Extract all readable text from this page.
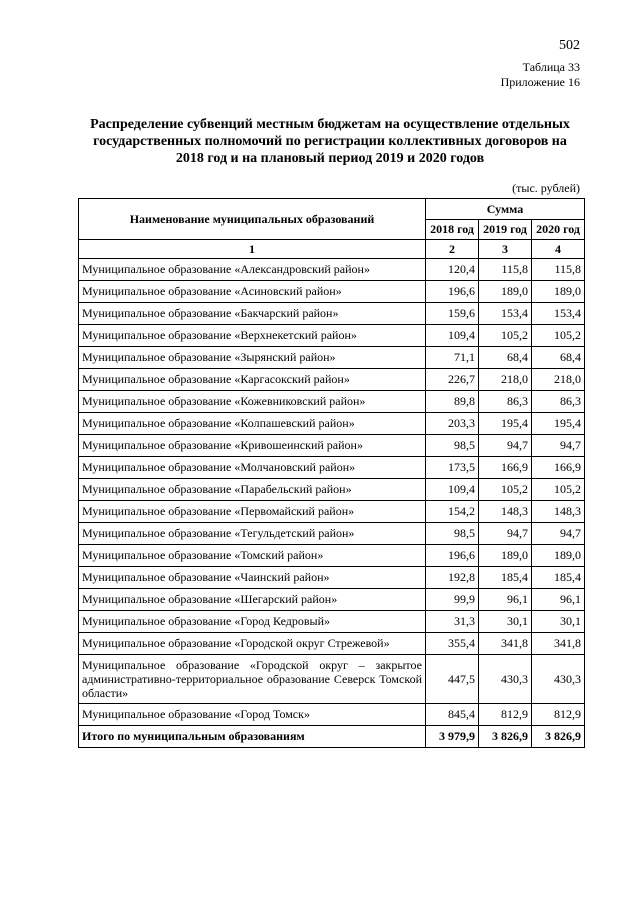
502
Таблица 33
Приложение 16
Распределение субвенций местным бюджетам на осуществление отдельных государственных полномочий по регистрации коллективных договоров на 2018 год и на плановый период 2019 и 2020 годов
(тыс. рублей)
Наименование муниципальных образований	Сумма		
	2018 год	2019 год	2020 год
1	2	3	4
Муниципальное образование «Александровский район»	120,4	115,8	115,8
Муниципальное образование «Асиновский район»	196,6	189,0	189,0
Муниципальное образование «Бакчарский район»	159,6	153,4	153,4
Муниципальное образование «Верхнекетский район»	109,4	105,2	105,2
Муниципальное образование «Зырянский район»	71,1	68,4	68,4
Муниципальное образование «Каргасокский район»	226,7	218,0	218,0
Муниципальное образование «Кожевниковский район»	89,8	86,3	86,3
Муниципальное образование «Колпашевский район»	203,3	195,4	195,4
Муниципальное образование «Кривошеинский район»	98,5	94,7	94,7
Муниципальное образование «Молчановский район»	173,5	166,9	166,9
Муниципальное образование «Парабельский район»	109,4	105,2	105,2
Муниципальное образование «Первомайский район»	154,2	148,3	148,3
Муниципальное образование «Тегульдетский район»	98,5	94,7	94,7
Муниципальное образование «Томский район»	196,6	189,0	189,0
Муниципальное образование «Чаинский район»	192,8	185,4	185,4
Муниципальное образование «Шегарский район»	99,9	96,1	96,1
Муниципальное образование «Город Кедровый»	31,3	30,1	30,1
Муниципальное образование «Городской округ Стрежевой»	355,4	341,8	341,8
Муниципальное образование «Городской округ – закрытое административно-территориальное образование Северск Томской области»	447,5	430,3	430,3
Муниципальное образование «Город Томск»	845,4	812,9	812,9
Итого по муниципальным образованиям	3 979,9	3 826,9	3 826,9
